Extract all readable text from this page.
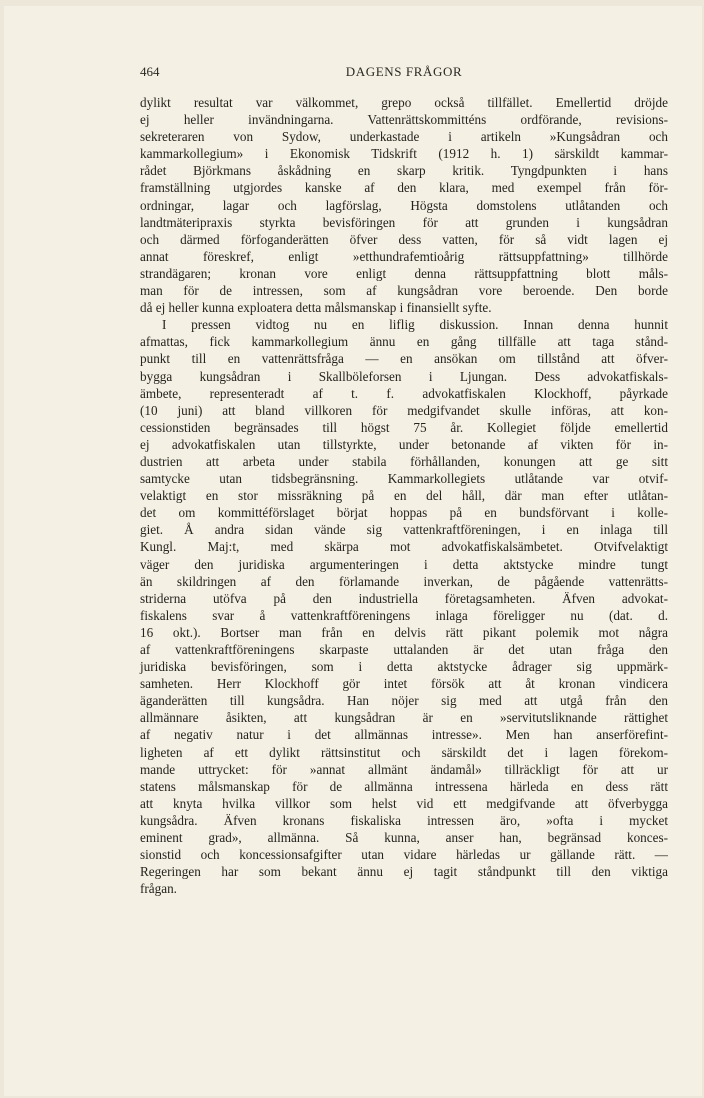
464	DAGENS FRÅGOR
dylikt resultat var välkommet, grepo också tillfället. Emellertid dröjde
ej heller invändningarna. Vattenrättskommitténs ordförande, revisions-
sekreteraren von Sydow, underkastade i artikeln »Kungsådran och
kammarkollegium» i Ekonomisk Tidskrift (1912 h. 1) särskildt kammar-
rådet Björkmans åskådning en skarp kritik. Tyngdpunkten i hans
framställning utgjordes kanske af den klara, med exempel från för-
ordningar, lagar och lagförslag, Högsta domstolens utlåtanden och
landtmäteripraxis styrkta bevisföringen för att grunden i kungsådran
och därmed förfoganderätten öfver dess vatten, för så vidt lagen ej
annat föreskref, enligt »etthundrafemtioårig rättsuppfattning» tillhörde
strandägaren; kronan vore enligt denna rättsuppfattning blott måls-
man för de intressen, som af kungsådran vore beroende. Den borde
då ej heller kunna exploatera detta målsmanskap i finansiellt syfte.
I pressen vidtog nu en liflig diskussion. Innan denna hunnit
afmattas, fick kammarkollegium ännu en gång tillfälle att taga stånd-
punkt till en vattenrättsfråga — en ansökan om tillstånd att öfver-
bygga kungsådran i Skallböleforsen i Ljungan. Dess advokatfiskals-
ämbete, representeradt af t. f. advokatfiskalen Klockhoff, påyrkade
(10 juni) att bland villkoren för medgifvandet skulle införas, att kon-
cessionstiden begränsades till högst 75 år. Kollegiet följde emellertid
ej advokatfiskalen utan tillstyrkte, under betonande af vikten för in-
dustrien att arbeta under stabila förhållanden, konungen att ge sitt
samtycke utan tidsbegränsning. Kammarkollegiets utlåtande var otvif-
velaktigt en stor missräkning på en del håll, där man efter utlåtan-
det om kommittéförslaget börjat hoppas på en bundsförvant i kolle-
giet. Å andra sidan vände sig vattenkraftföreningen, i en inlaga till
Kungl. Maj:t, med skärpa mot advokatfiskalsämbetet. Otvifvelaktigt
väger den juridiska argumenteringen i detta aktstycke mindre tungt
än skildringen af den förlamande inverkan, de pågående vattenrätts-
striderna utöfva på den industriella företagsamheten. Äfven advokat-
fiskalens svar å vattenkraftföreningens inlaga föreligger nu (dat. d.
16 okt.). Bortser man från en delvis rätt pikant polemik mot några
af vattenkraftföreningens skarpaste uttalanden är det utan fråga den
juridiska bevisföringen, som i detta aktstycke ådrager sig uppmärk-
samheten. Herr Klockhoff gör intet försök att åt kronan vindicera
äganderätten till kungsådra. Han nöjer sig med att utgå från den
allmännare åsikten, att kungsådran är en »servitutsliknande rättighet
af negativ natur i det allmännas intresse». Men han anserförefint-
ligheten af ett dylikt rättsinstitut och särskildt det i lagen förekom-
mande uttrycket: för »annat allmänt ändamål» tillräckligt för att ur
statens målsmanskap för de allmänna intressena härleda en dess rätt
att knyta hvilka villkor som helst vid ett medgifvande att öfverbygga
kungsådra. Äfven kronans fiskaliska intressen äro, »ofta i mycket
eminent grad», allmänna. Så kunna, anser han, begränsad konces-
sionstid och koncessionsafgifter utan vidare härledas ur gällande rätt. —
Regeringen har som bekant ännu ej tagit ståndpunkt till den viktiga
frågan.
